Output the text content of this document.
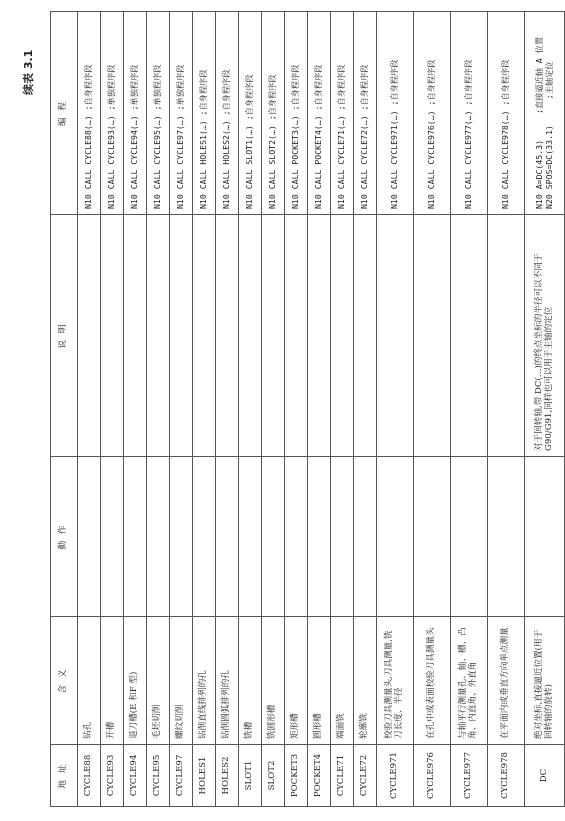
续表 3.1
地 址	含 义	動 作	说 明	编 程
CYCLE88	钻孔			N10 CALL CYCLE88(…) ;自身程序段
CYCLE93	开槽			N10 CALL CYCLE93(…) ;单独程序段
CYCLE94	退刀槽(E 和F 型)			N10 CALL CYCLE94(…) ;单独程序段
CYCLE95	毛坯切削			N10 CALL CYCLE95(…) ;单独程序段
CYCLE97	螺纹切削			N10 CALL CYCLE97(…) ;单独程序段
HOLES1	钻削直线排列的孔			N10 CALL HOLES1(…) ;自身程序段
HOLES2	钻削圆弧排列的孔			N10 CALL HOLES2(…) ;自身程序段
SLOT1	铣槽			N10 CALL SLOT1(…) ;自身程序段
SLOT2	铣圆形槽			N10 CALL SLOT2(…) ;自身程序段
POCKET3	矩形槽			N10 CALL POCKET3(…) ;自身程序段
POCKET4	圆形槽			N10 CALL POCKET4(…) ;自身程序段
CYCLE71	端面铣			N10 CALL CYCLE71(…) ;自身程序段
CYCLE72	轮廓铣			N10 CALL CYCLE72(…) ;自身程序段
CYCLE971	校验刀具测量头,刀具测量,铣刀长度、半径			N10 CALL CYCLE971(…) ;自身程序段
CYCLE976	在孔中或表面校验刀具测量头			N10 CALL CYCLE976(…) ;自身程序段
CYCLE977	与轴平行测量孔、轴、槽、凸角、内直角、外直角			N10 CALL CYCLE977(…) ;自身程序段
CYCLE978	在平面内或垂直方向单点测量			N10 CALL CYCLE978(…) ;自身程序段
DC	绝对坐标,直接逼近位置(用于回转轴的旋转)		对于回转轴,带 DC(…)的终点坐标的半径可以不同于 G90/G91,同样也可以用于主轴的定位	N10 A=DC(45.3);直接逼近轴 A 位置
N20 SPOS=DC(33.1);主轴定位
